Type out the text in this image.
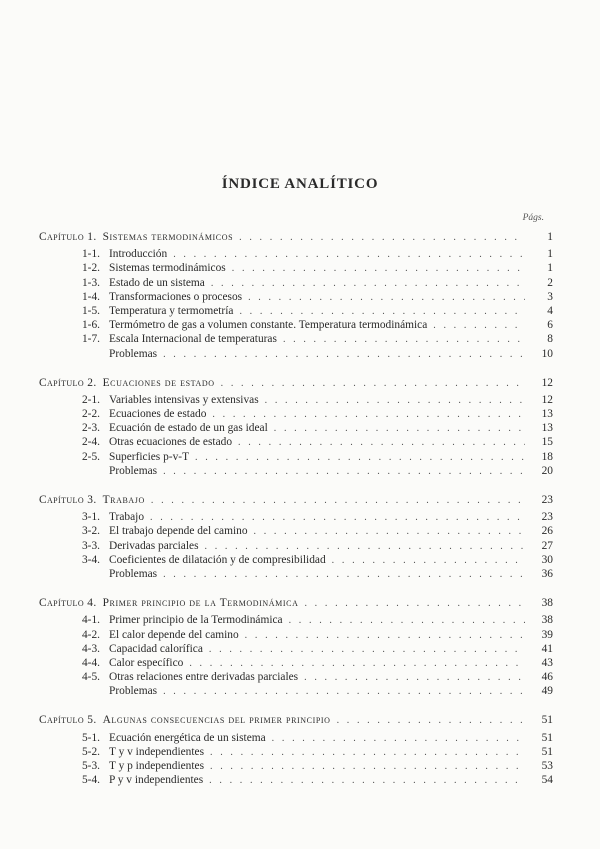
ÍNDICE ANALÍTICO
Págs.
Capítulo 1. Sistemas termodinámicos . . .	1
1-1. Introducción . . .	1
1-2. Sistemas termodinámicos . . .	1
1-3. Estado de un sistema . . .	2
1-4. Transformaciones o procesos . . .	3
1-5. Temperatura y termometría . . .	4
1-6. Termómetro de gas a volumen constante. Temperatura termodinámica . . .	6
1-7. Escala Internacional de temperaturas . . .	8
Problemas . . .	10
Capítulo 2. Ecuaciones de estado . . .	12
2-1. Variables intensivas y extensivas . . .	12
2-2. Ecuaciones de estado . . .	13
2-3. Ecuación de estado de un gas ideal . . .	13
2-4. Otras ecuaciones de estado . . .	15
2-5. Superficies p-v-T . . .	18
Problemas . . .	20
Capítulo 3. Trabajo . . .	23
3-1. Trabajo . . .	23
3-2. El trabajo depende del camino . . .	26
3-3. Derivadas parciales . . .	27
3-4. Coeficientes de dilatación y de compresibilidad . . .	30
Problemas . . .	36
Capítulo 4. Primer principio de la Termodinámica . . .	38
4-1. Primer principio de la Termodinámica . . .	38
4-2. El calor depende del camino . . .	39
4-3. Capacidad calorífica . . .	41
4-4. Calor específico . . .	43
4-5. Otras relaciones entre derivadas parciales . . .	46
Problemas . . .	49
Capítulo 5. Algunas consecuencias del primer principio . . .	51
5-1. Ecuación energética de un sistema . . .	51
5-2. T y v independientes . . .	51
5-3. T y p independientes . . .	53
5-4. P y v independientes . . .	54
